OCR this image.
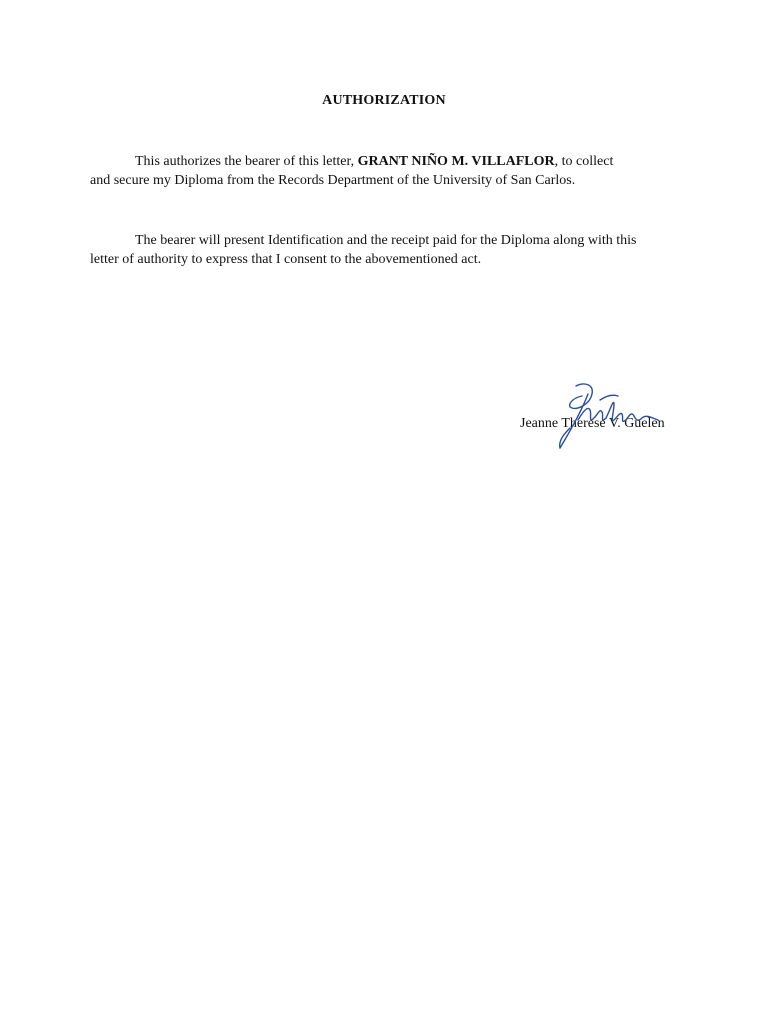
AUTHORIZATION
This authorizes the bearer of this letter, GRANT NIÑO M. VILLAFLOR, to collect
and secure my Diploma from the Records Department of the University of San Carlos.
The bearer will present Identification and the receipt paid for the Diploma along with this
letter of authority to express that I consent to the abovementioned act.
Jeanne Therese V. Guelen
